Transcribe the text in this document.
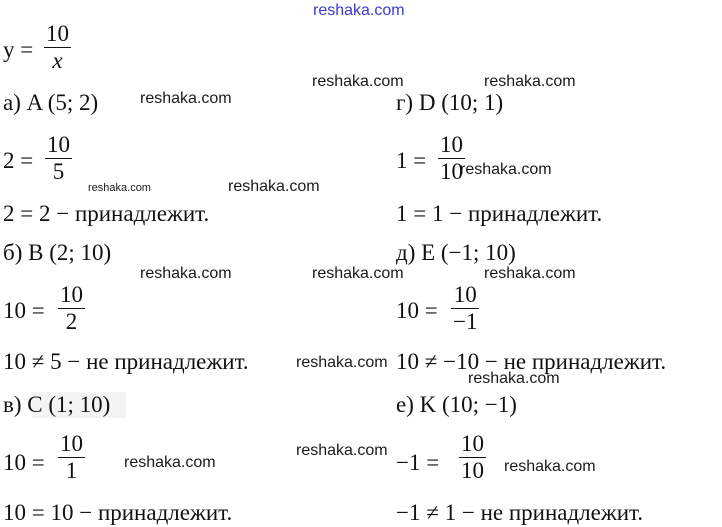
reshaka.com
y =
10
x
а) A (5; 2)
2 =
10
5
2 = 2 − принадлежит.
б) B (2; 10)
10 =
10
2
10 ≠ 5 − не принадлежит.
в) C (1; 10)
10 =
10
1
10 = 10 − принадлежит.
г) D (10; 1)
1 =
10
10
1 = 1 − принадлежит.
д) E (−1; 10)
10 =
10
−1
10 ≠ −10 − не принадлежит.
е) K (10; −1)
−1 =
10
10
−1 ≠ 1 − не принадлежит.
reshaka.com	reshaka.com
reshaka.com
reshaka.com
reshaka.com	reshaka.com
reshaka.com	reshaka.com	reshaka.com
reshaka.com
reshaka.com
reshaka.com
reshaka.com	reshaka.com
